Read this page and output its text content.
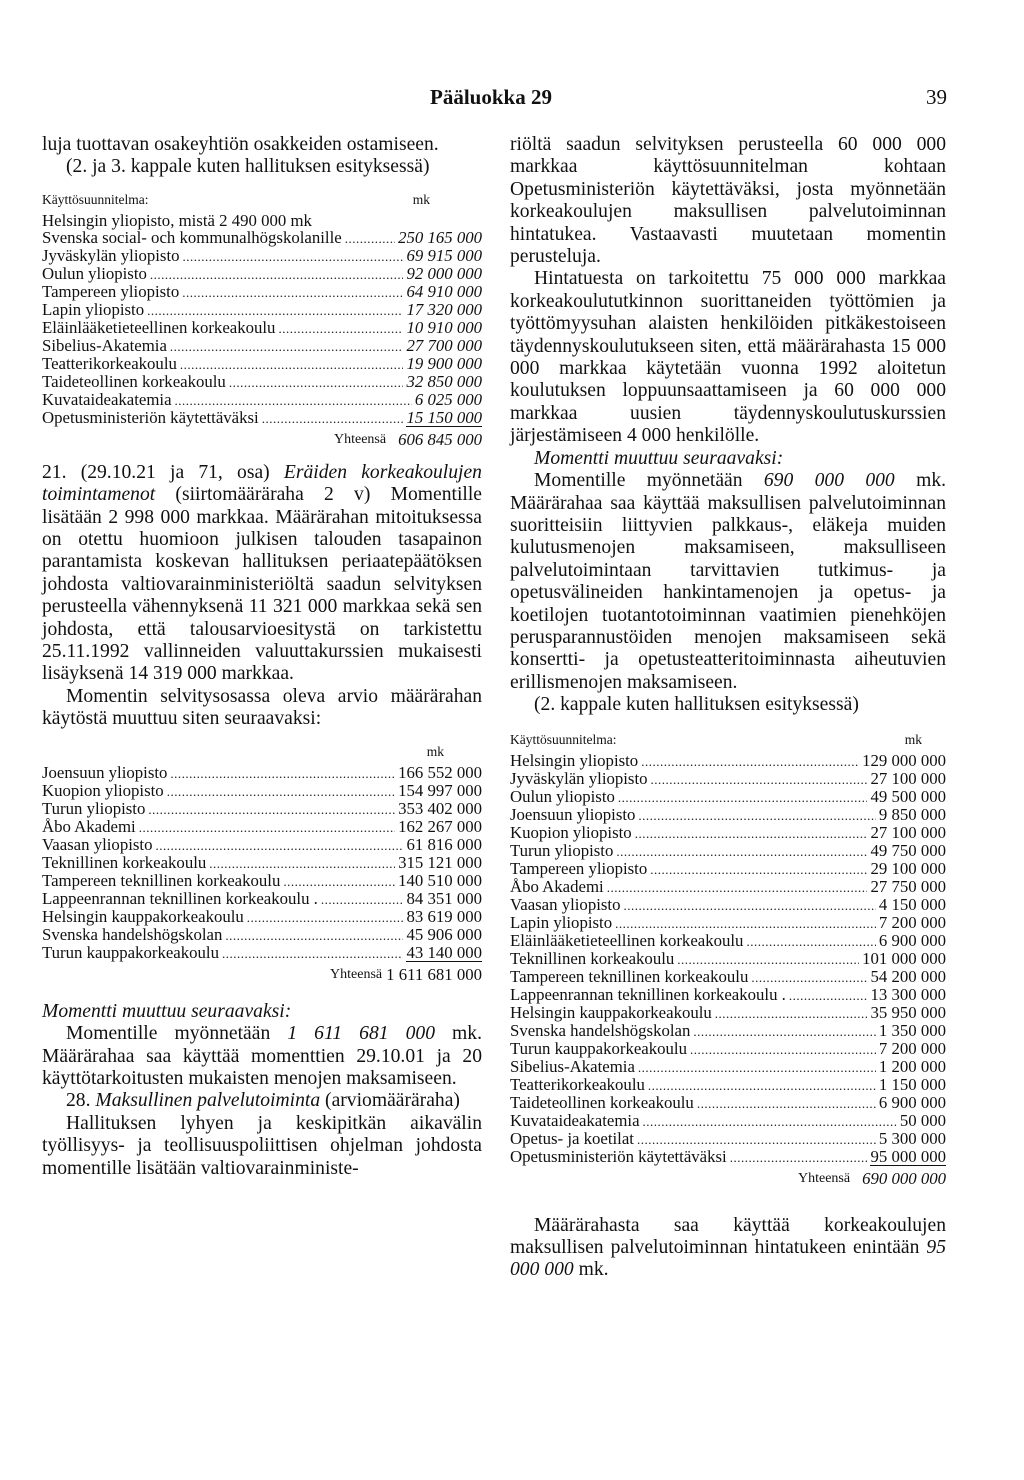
Pääluokka 29	39

luja tuottavan osakeyhtiön osakkeiden ostamiseen.

(2. ja 3. kappale kuten hallituksen esityksessä)

Käyttösuunnitelma:	mk
Helsingin yliopisto, mistä 2 490 000 mk
Svenska social- och kommunalhögskolanille .....	250 165 000
Jyväskylän yliopisto .....	69 915 000
Oulun yliopisto .....	92 000 000
Tampereen yliopisto .....	64 910 000
Lapin yliopisto .....	17 320 000
Eläinlääketieteellinen korkeakoulu .....	10 910 000
Sibelius-Akatemia .....	27 700 000
Teatterikorkeakoulu .....	19 900 000
Taideteollinen korkeakoulu .....	32 850 000
Kuvataideakatemia .....	6 025 000
Opetusministeriön käytettäväksi .....	15 150 000
Yhteensä 606 845 000

21. (29.10.21 ja 71, osa) Eräiden korkeakoulujen toimintamenot (siirtomääräraha 2 v) Momentille lisätään 2 998 000 markkaa. Määrärahan mitoituksessa on otettu huomioon julkisen talouden tasapainon parantamista koskevan hallituksen periaatepäätöksen johdosta valtiovarainministeriöltä saadun selvityksen perusteella vähennyksenä 11 321 000 markkaa sekä sen johdosta, että talousarvioesitystä on tarkistettu 25.11.1992 vallinneiden valuuttakurssien mukaisesti lisäyksenä 14 319 000 markkaa.

Momentin selvitysosassa oleva arvio määrärahan käytöstä muuttuu siten seuraavaksi:

mk
Joensuun yliopisto .....	166 552 000
Kuopion yliopisto .....	154 997 000
Turun yliopisto .....	353 402 000
Åbo Akademi .....	162 267 000
Vaasan yliopisto .....	61 816 000
Teknillinen korkeakoulu .....	315 121 000
Tampereen teknillinen korkeakoulu .....	140 510 000
Lappeenrannan teknillinen korkeakoulu . .....	84 351 000
Helsingin kauppakorkeakoulu .....	83 619 000
Svenska handelshögskolan .....	45 906 000
Turun kauppakorkeakoulu .....	43 140 000
Yhteensä 1 611 681 000

Momentti muuttuu seuraavaksi:

Momentille myönnetään 1 611 681 000 mk. Määrärahaa saa käyttää momenttien 29.10.01 ja 20 käyttötarkoitusten mukaisten menojen maksamiseen.

28. Maksullinen palvelutoiminta (arviomääräraha)

Hallituksen lyhyen ja keskipitkän aikavälin työllisyys- ja teollisuuspoliittisen ohjelman johdosta momentille lisätään valtiovarainministe-

riöltä saadun selvityksen perusteella 60 000 000 markkaa käyttösuunnitelman kohtaan Opetusministeriön käytettäväksi, josta myönnetään korkeakoulujen maksullisen palvelutoiminnan hintatukea. Vastaavasti muutetaan momentin perusteluja.

Hintatuesta on tarkoitettu 75 000 000 markkaa korkeakoulututkinnon suorittaneiden työttömien ja työttömyysuhan alaisten henkilöiden pitkäkestoiseen täydennyskoulutukseen siten, että määrärahasta 15 000 000 markkaa käytetään vuonna 1992 aloitetun koulutuksen loppuunsaattamiseen ja 60 000 000 markkaa uusien täydennyskoulutuskurssien järjestämiseen 4 000 henkilölle.

Momentti muuttuu seuraavaksi:

Momentille myönnetään 690 000 000 mk. Määrärahaa saa käyttää maksullisen palvelutoiminnan suoritteisiin liittyvien palkkaus-, eläkeja muiden kulutusmenojen maksamiseen, maksulliseen palvelutoimintaan tarvittavien tutkimus- ja opetusvälineiden hankintamenojen ja opetus- ja koetilojen tuotantotoiminnan vaatimien pienehköjen perusparannustöiden menojen maksamiseen sekä konsertti- ja opetusteatteritoiminnasta aiheutuvien erillismenojen maksamiseen.

(2. kappale kuten hallituksen esityksessä)

Käyttösuunnitelma:	mk
Helsingin yliopisto .....	129 000 000
Jyväskylän yliopisto .....	27 100 000
Oulun yliopisto .....	49 500 000
Joensuun yliopisto .....	9 850 000
Kuopion yliopisto .....	27 100 000
Turun yliopisto .....	49 750 000
Tampereen yliopisto .....	29 100 000
Åbo Akademi .....	27 750 000
Vaasan yliopisto .....	4 150 000
Lapin yliopisto .....	7 200 000
Eläinlääketieteellinen korkeakoulu .....	6 900 000
Teknillinen korkeakoulu .....	101 000 000
Tampereen teknillinen korkeakoulu .....	54 200 000
Lappeenrannan teknillinen korkeakoulu . .....	13 300 000
Helsingin kauppakorkeakoulu .....	35 950 000
Svenska handelshögskolan .....	1 350 000
Turun kauppakorkeakoulu .....	7 200 000
Sibelius-Akatemia .....	1 200 000
Teatterikorkeakoulu .....	1 150 000
Taideteollinen korkeakoulu .....	6 900 000
Kuvataideakatemia .....	50 000
Opetus- ja koetilat .....	5 300 000
Opetusministeriön käytettäväksi .....	95 000 000
Yhteensä 690 000 000

Määrärahasta saa käyttää korkeakoulujen maksullisen palvelutoiminnan hintatukeen enintään 95 000 000 mk.
